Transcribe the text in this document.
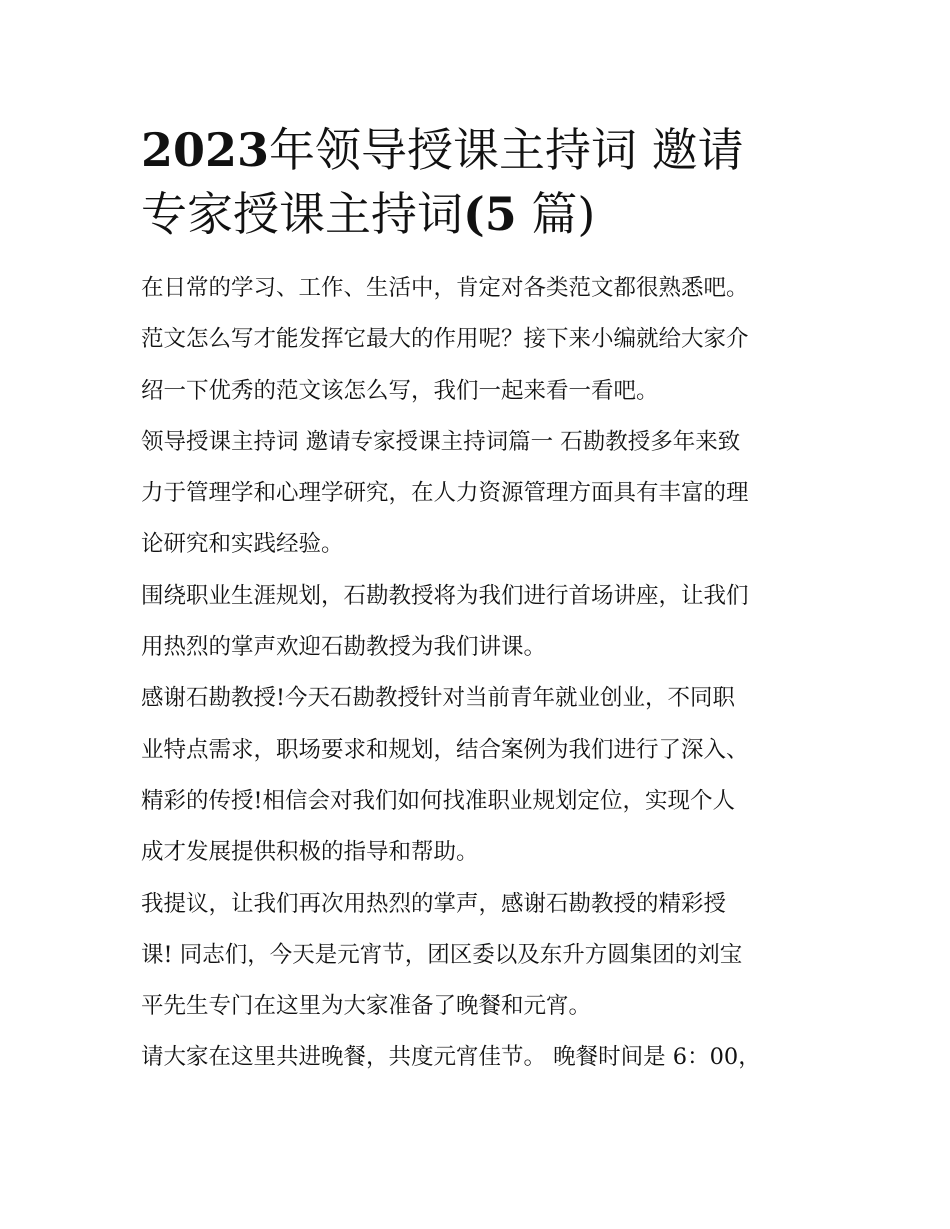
2023年领导授课主持词 邀请
专家授课主持词(5 篇)
在日常的学习、工作、生活中，肯定对各类范文都很熟悉吧。
范文怎么写才能发挥它最大的作用呢？接下来小编就给大家介
绍一下优秀的范文该怎么写，我们一起来看一看吧。
领导授课主持词 邀请专家授课主持词篇一 石勘教授多年来致
力于管理学和心理学研究，在人力资源管理方面具有丰富的理
论研究和实践经验。
围绕职业生涯规划，石勘教授将为我们进行首场讲座，让我们
用热烈的掌声欢迎石勘教授为我们讲课。
感谢石勘教授!今天石勘教授针对当前青年就业创业，不同职
业特点需求，职场要求和规划，结合案例为我们进行了深入、
精彩的传授!相信会对我们如何找准职业规划定位，实现个人
成才发展提供积极的指导和帮助。
我提议，让我们再次用热烈的掌声，感谢石勘教授的精彩授
课! 同志们，今天是元宵节，团区委以及东升方圆集团的刘宝
平先生专门在这里为大家准备了晚餐和元宵。
请大家在这里共进晚餐，共度元宵佳节。 晚餐时间是 6：00，
